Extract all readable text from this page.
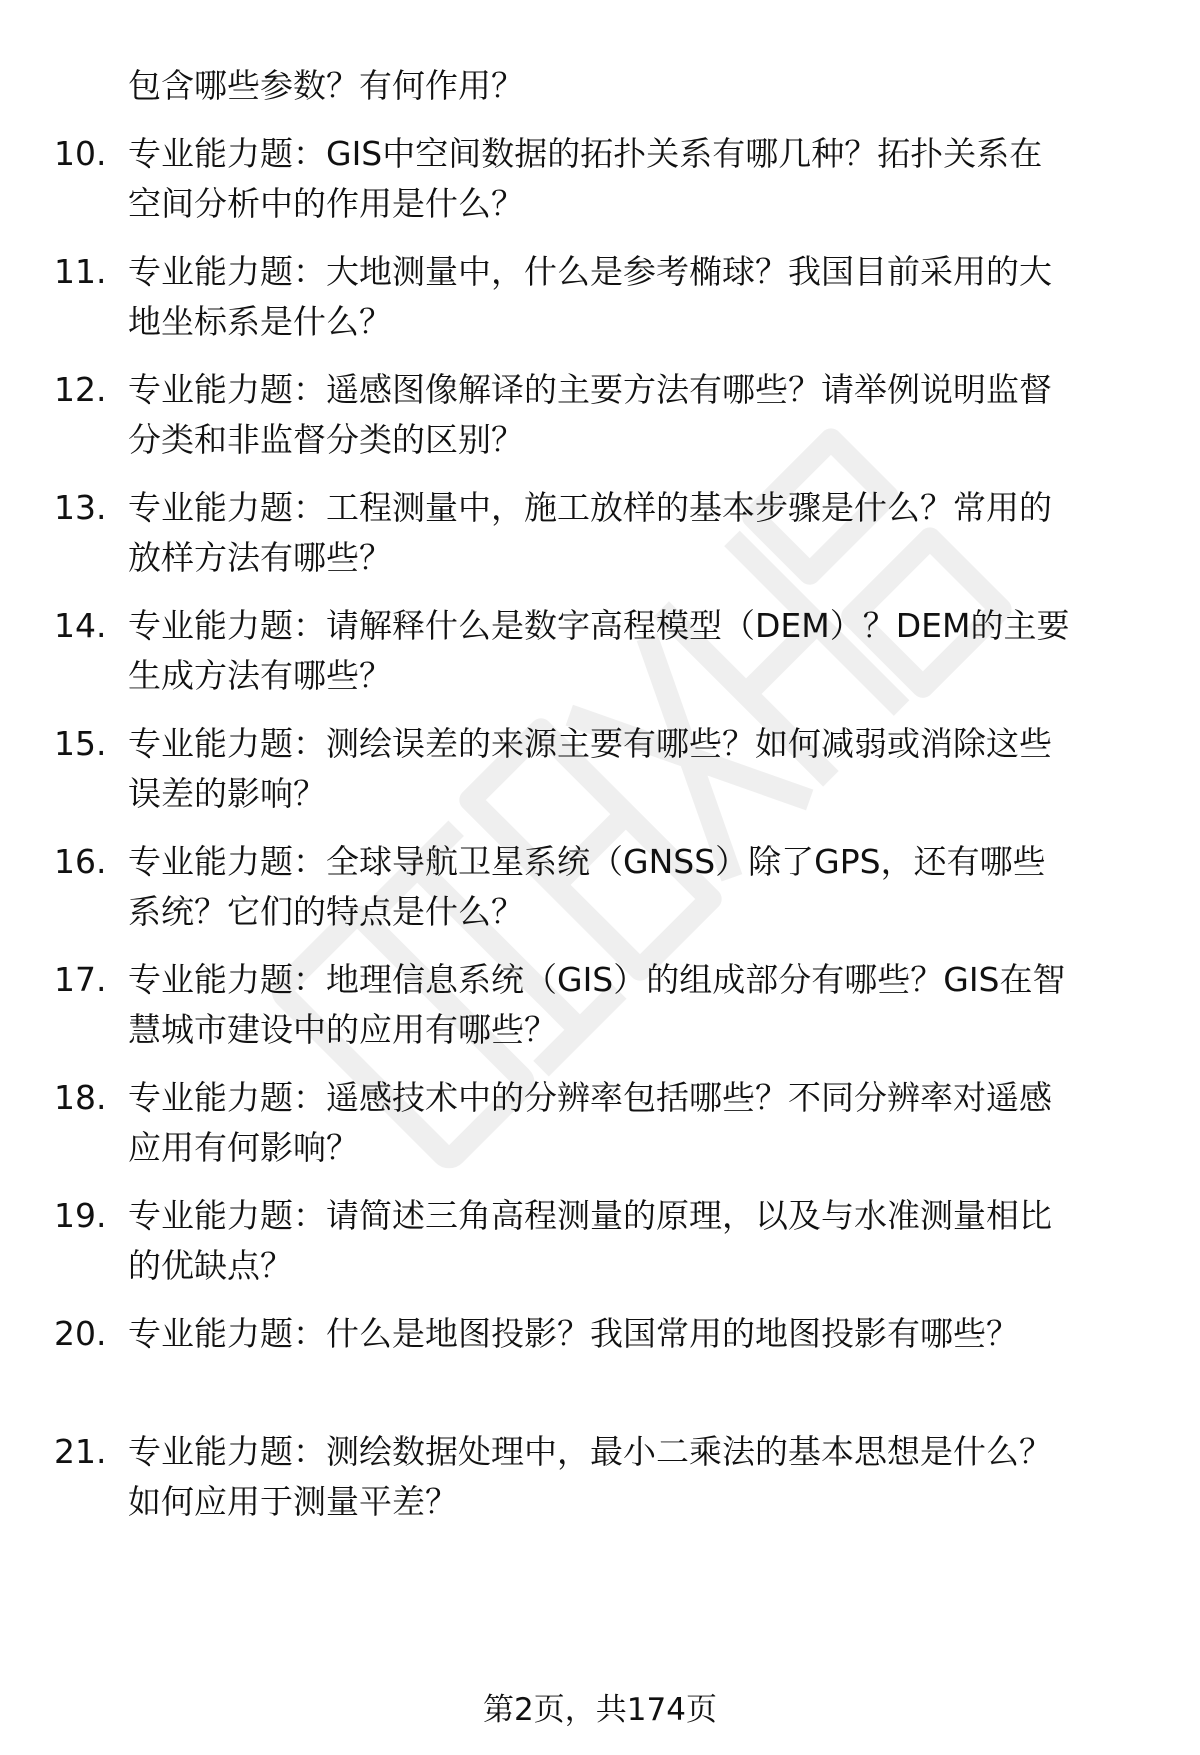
包含哪些参数？有何作用？
10. 专业能力题：GIS中空间数据的拓扑关系有哪几种？拓扑关系在
空间分析中的作用是什么？
11. 专业能力题：大地测量中，什么是参考椭球？我国目前采用的大
地坐标系是什么？
12. 专业能力题：遥感图像解译的主要方法有哪些？请举例说明监督
分类和非监督分类的区别？
13. 专业能力题：工程测量中，施工放样的基本步骤是什么？常用的
放样方法有哪些？
14. 专业能力题：请解释什么是数字高程模型（DEM）？DEM的主要
生成方法有哪些？
15. 专业能力题：测绘误差的来源主要有哪些？如何减弱或消除这些
误差的影响？
16. 专业能力题：全球导航卫星系统（GNSS）除了GPS，还有哪些
系统？它们的特点是什么？
17. 专业能力题：地理信息系统（GIS）的组成部分有哪些？GIS在智
慧城市建设中的应用有哪些？
18. 专业能力题：遥感技术中的分辨率包括哪些？不同分辨率对遥感
应用有何影响？
19. 专业能力题：请简述三角高程测量的原理，以及与水准测量相比
的优缺点？
20. 专业能力题：什么是地图投影？我国常用的地图投影有哪些？
21. 专业能力题：测绘数据处理中，最小二乘法的基本思想是什么？
如何应用于测量平差？
第2页，共174页
